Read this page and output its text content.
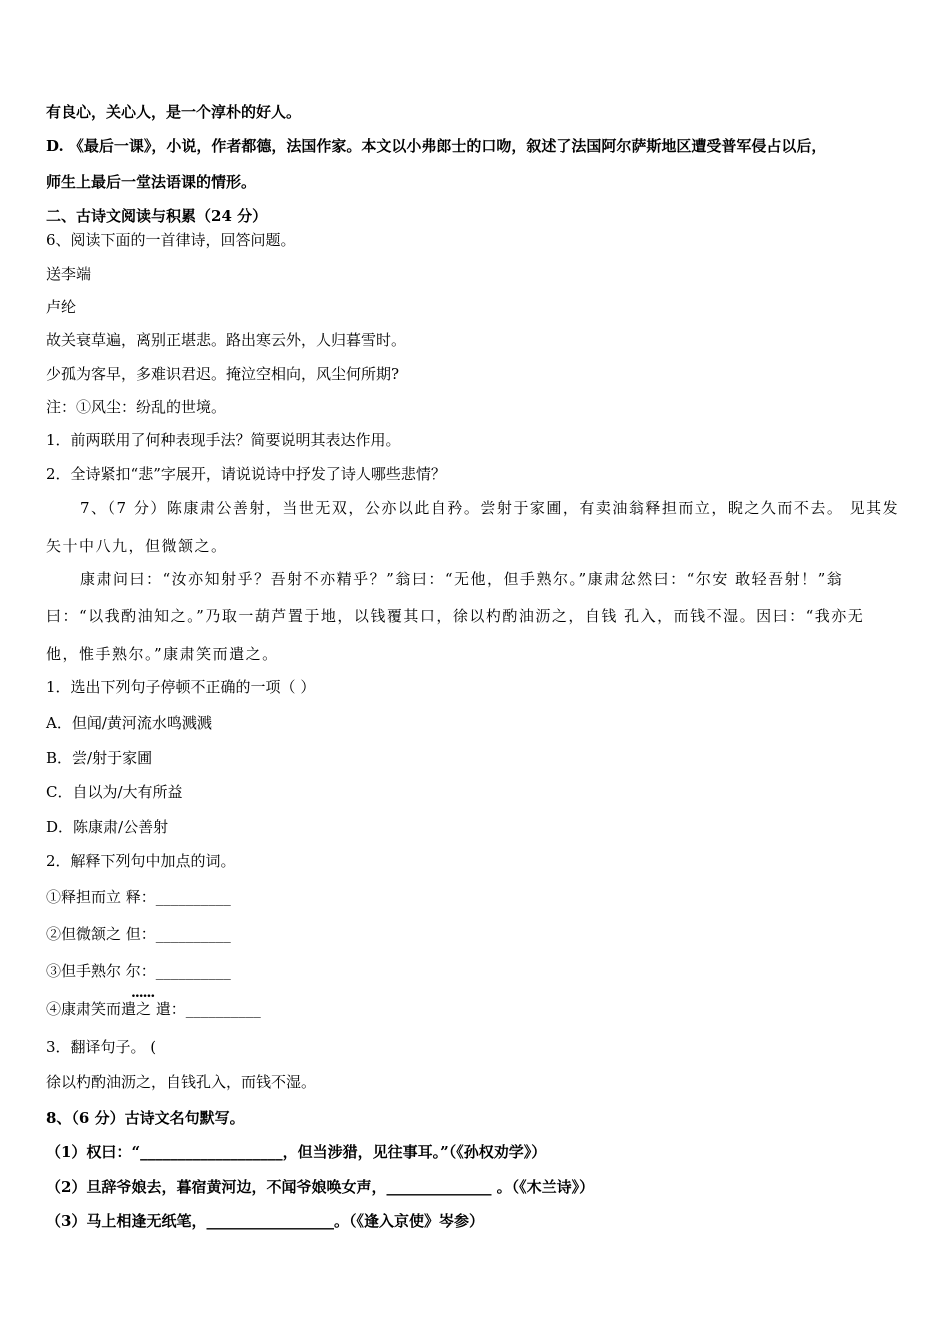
有良心，关心人，是一个淳朴的好人。
D. 《最后一课》，小说，作者都德，法国作家。本文以小弗郎士的口吻，叙述了法国阿尔萨斯地区遭受普军侵占以后，
师生上最后一堂法语课的情形。
二、古诗文阅读与积累（24 分）
6、阅读下面的一首律诗，回答问题。
送李端
卢纶
故关衰草遍，离别正堪悲。路出寒云外，人归暮雪时。
少孤为客早，多难识君迟。掩泣空相向，风尘何所期?
注：①风尘：纷乱的世境。
1．前两联用了何种表现手法？简要说明其表达作用。
2．全诗紧扣“悲”字展开，请说说诗中抒发了诗人哪些悲情？
7、（7 分）陈康肃公善射，当世无双，公亦以此自矜。尝射于家圃，有卖油翁释担而立，睨之久而不去。 见其发
矢十中八九，但微颔之。
康肃问曰：“汝亦知射乎？吾射不亦精乎？”翁曰：“无他，但手熟尔。”康肃忿然曰：“尔安 敢轻吾射！”翁
曰：“以我酌油知之。”乃取一葫芦置于地，以钱覆其口，徐以杓酌油沥之，自钱 孔入，而钱不湿。因曰：“我亦无
他，惟手熟尔。”康肃笑而遣之。
1．选出下列句子停顿不正确的一项（ ）
A．但闻/黄河流水鸣溅溅
B．尝/射于家圃
C．自以为/大有所益
D．陈康肃/公善射
2．解释下列句中加点的词。
①释担而立 释：__________
②但微颔之 但：__________
③但手熟尔 尔：__________
......
④康肃笑而遣之 遣：__________
3．翻译句子。 (
徐以杓酌油沥之，自钱孔入，而钱不湿。
8、（6 分）古诗文名句默写。
（1）权曰：“___________________，但当涉猎，见往事耳。”（《孙权劝学》）
（2）旦辞爷娘去，暮宿黄河边，不闻爷娘唤女声，______________ 。（《木兰诗》）
（3）马上相逢无纸笔，_________________。（《逢入京使》岑参）
